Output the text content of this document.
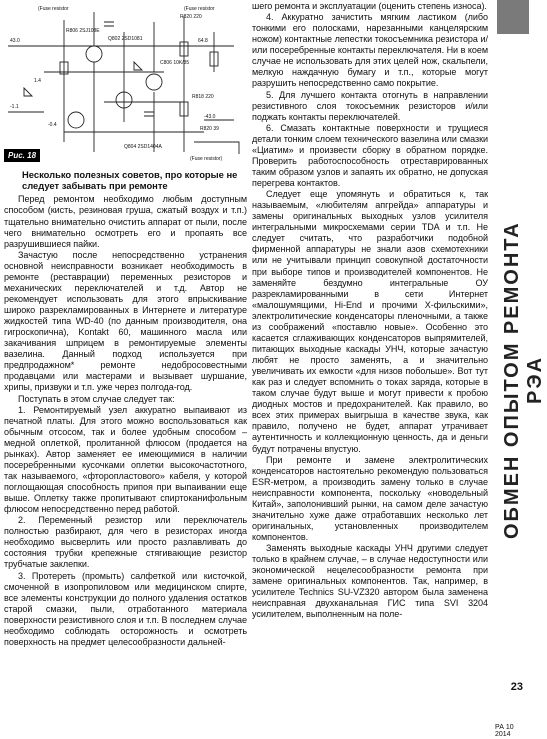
(Fuse resistor	(Fuse resistor
R820 220
Q802 2SD1081
R806 2SJ108E
43.0	64.8
C806 10K/35
-1.1
1.4
-0.4
R818 220
Q804 2SD1404A
R820 39
(Fuse resistor)
-43.0
Рис. 18
Несколько полезных советов, про которые не следует забывать при ремонте

Перед ремонтом необходимо любым доступным способом (кисть, резиновая груша, сжатый воздух и т.п.) тщательно внимательно очистить аппарат от пыли, после чего внимательно осмотреть его и пропаять все разрушившиеся пайки.

Зачастую после непосредственно устранения основной неисправности возникает необходимость в ремонте (реставрации) переменных резисторов и механических переключателей и т.д. Автор не рекомендует использовать для этого впрыскивание широко разрекламированных в Интернете и литературе жидкостей типа WD-40 (по данным производителя, она гигроскопична), Kontakt 60, машинного масла или закачивания шприцем в ремонтируемые элементы вазелина. Данный подход используется при предпродажном* ремонте недобросовестными продавцами или мастерами и вызывает шуршание, хрипы, призвуки и т.п. уже через полгода-год.

Поступать в этом случае следует так:

1. Ремонтируемый узел аккуратно выпаивают из печатной платы. Для этого можно воспользоваться как обычным отсосом, так и более удобным способом – медной оплеткой, пролитанной флюсом (продается на рынках). Автор заменяет ее имеющимися в наличии посеребренными кусочками оплетки высокочастотного, так называемого, «фторопластового» кабеля, у которой поглощающая способность припоя при выпаивании еще выше. Оплетку также пропитывают спиртоканифольным флюсом непосредственно перед работой.

2. Переменный резистор или переключатель полностью разбирают, для чего в резисторах иногда необходимо высверлить или просто разлавливать до состояния трубки крепежные стягивающие резистор трубчатые заклепки.

3. Протереть (промыть) салфеткой или кисточкой, смоченной в изопропиловом или медицинском спирте, все элементы конструкции до полного удаления остатков старой смазки, пыли, отработанного материала поверхности резистивного слоя и т.п. В последнем случае необходимо соблюдать осторожность и осмотреть поверхность на предмет целесообразности дальней-

шего ремонта и эксплуатации (оценить степень износа).

4. Аккуратно зачистить мягким ластиком (либо тонкими его полосками, нарезанными канцелярским ножом) контактные лепестки токосъемника резистора и/или посеребренные контакты переключателя. Ни в коем случае не использовать для этих целей нож, скальпели, мелкую наждачную бумагу и т.п., которые могут разрушить непосредственно само покрытие.

5. Для лучшего контакта отогнуть в направлении резистивного слоя токосъемник резисторов и/или поджать контакты переключателей.

6. Смазать контактные поверхности и трущиеся детали тонким слоем технического вазелина или смазки «Циатим» и произвести сборку в обратном порядке. Проверить работоспособность отреставрированных таким образом узлов и запаять их обратно, не допуская перегрева контактов.

Следует еще упомянуть и обратиться к, так называемым, «любителям апгрейда» аппаратуры и замены оригинальных выходных узлов усилителя интегральными микросхемами серии TDA и т.п. Не следует считать, что разработчики подобной фирменной аппаратуры не знали азов схемотехники или не учитывали принцип совокупной достаточности при выборе типов и производителей компонентов. Не заменяйте бездумно интегральные ОУ разрекламированными в сети Интернет «малошумящими, Hi-End и прочими X-фильскими», электролитические конденсаторы пленочными, а также из соображений «поставлю новые». Особенно это касается сглаживающих конденсаторов выпрямителей, питающих выходные каскады УНЧ, которые зачастую любят не просто заменять, а и значительно увеличивать их емкости «для низов побольше». Вот тут как раз и следует вспомнить о токах заряда, которые в таком случае будут выше и могут привести к пробою диодных мостов и предохранителей. Как правило, во всех этих примерах выигрыша в качестве звука, как правило, получено не будет, аппарат утрачивает аутентичность и коллекционную ценность, да и деньги будут потрачены впустую.

При ремонте и замене электролитических конденсаторов настоятельно рекомендую пользоваться ESR-метром, а производить замену только в случае неисправности компонента, поскольку «новодельный Китай», заполонивший рынки, на самом деле зачастую значительно хуже даже отработавших несколько лет оригинальных, установленных производителем компонентов.

Заменять выходные каскады УНЧ другими следует только в крайнем случае, – в случае недоступности или экономической нецелесообразности ремонта при замене оригинальных компонентов. Так, например, в усилителе Technics SU-VZ320 автором была заменена неисправная двухканальная ГИС типа SVI 3204 усилителем, выполненным на поле-

ОБМЕН ОПЫТОМ РЕМОНТА РЭА
23
РА 10 2014
